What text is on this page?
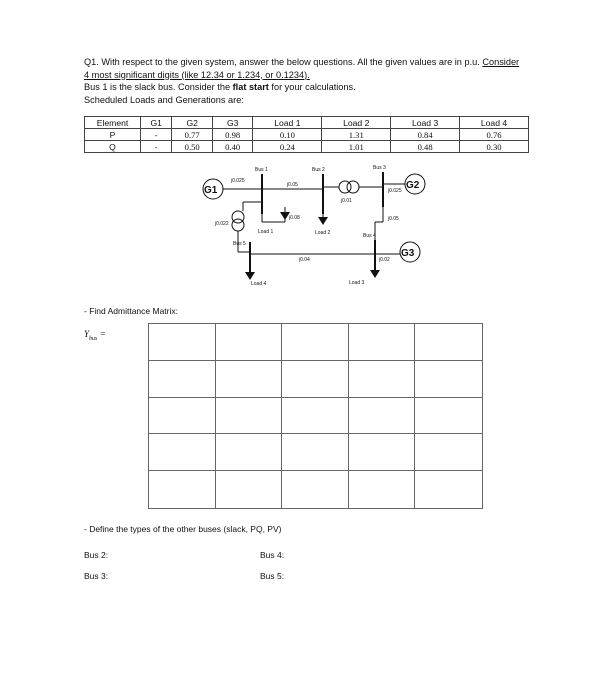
Q1. With respect to the given system, answer the below questions. All the given values are in p.u. Consider
4 most significant digits (like 12.34 or 1.234, or 0.1234).
Bus 1 is the slack bus. Consider the flat start for your calculations.
Scheduled Loads and Generations are:
Element	G1	G2	G3	Load 1	Load 2	Load 3	Load 4
P	-	0.77	0.98	0.10	1.31	0.84	0.76
Q	-	0.50	0.40	0.24	1.01	0.48	0.30
G1	G2
G3
Bus 1	Bus 2	Bus 3
Bus 4
Bus 5
Load 1	Load 2
Load 3
Load 4
j0.025
j0.05
j0.01
j0.025
j0.022
j0.08	j0.05
j0.04	j0.02
- Find Admittance Matrix:
$Y_{bus}$ =
- Define the types of the other buses (slack, PQ, PV)
Bus 2:
Bus 3:
Bus 4:
Bus 5:
